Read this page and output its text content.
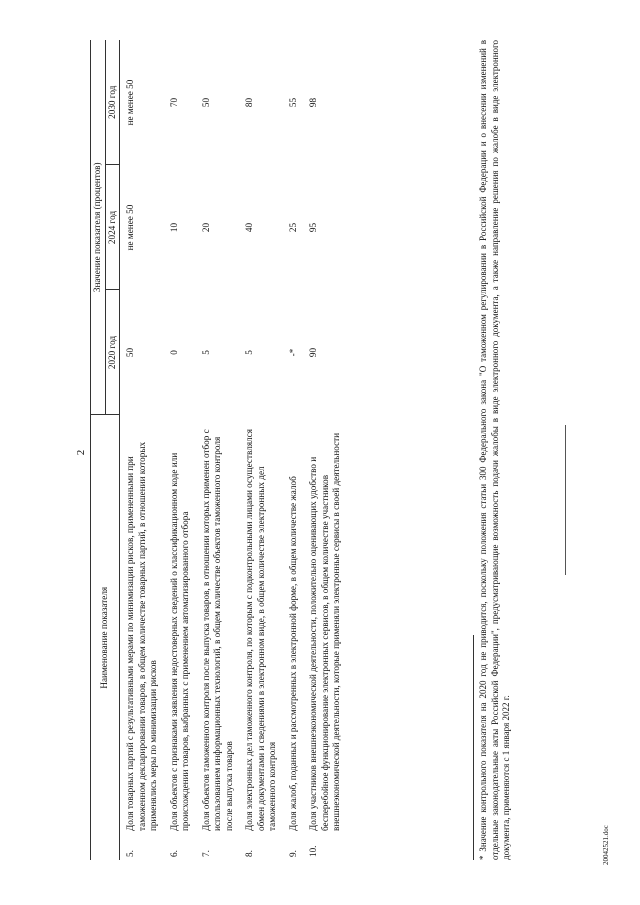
2
Наименование показателя	Значение показателя (процентов)
2020 год	2024 год	2030 год

5.	Доля товарных партий с результативными мерами по минимизации рисков, примененными при таможенном декларировании товаров, в общем количестве товарных партий, в отношении которых применялись меры по минимизации рисков
	50	не менее 50	не менее 50

6.	Доля объектов с признаками заявления недостоверных сведений о классификационном коде или происхождении товаров, выбранных с применением автоматизированного отбора
	0	10	70

7.	Доля объектов таможенного контроля после выпуска товаров, в отношении которых применен отбор с использованием информационных технологий, в общем количестве объектов таможенного контроля после выпуска товаров
	5	20	50

8.	Доля электронных дел таможенного контроля, по которым с подконтрольными лицами осуществлялся обмен документами и сведениями в электронном виде, в общем количестве электронных дел таможенного контроля
	5	40	80

9.	Доля жалоб, поданных и рассмотренных в электронной форме, в общем количестве жалоб
	-*	25	55

10.	Доля участников внешнеэкономической деятельности, положительно оценивающих удобство и бесперебойное функционирование электронных сервисов, в общем количестве участников внешнеэкономической деятельности, которые применяли электронные сервисы в своей деятельности
	90	95	98	* Значение контрольного показателя на 2020 год не приводится, поскольку положения статьи 300 Федерального закона "О таможенном регулировании в Российской Федерации и о внесении изменений в отдельные законодательные акты Российской Федерации", предусматривающие возможность подачи жалобы в виде электронного документа, а также направление решения по жалобе в виде электронного документа, применяются с 1 января 2022 г.	20042521.doc
